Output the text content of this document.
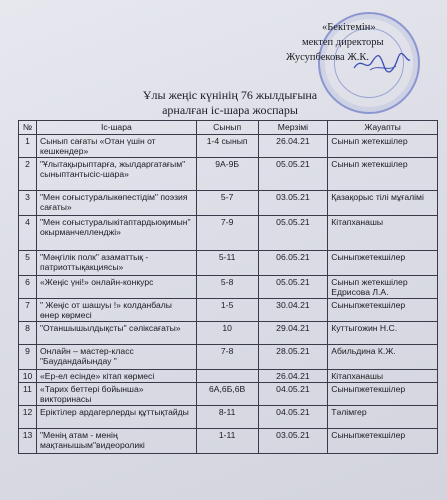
«Бекітемін»
мектеп директоры
Жусупбекова Ж.К.
Ұлы жеңіс күнінің 76 жылдығына
арналған іс-шара жоспары
№	Іс-шара	Сынып	Мерзімі	Жауапты
1	Сынып сағаты «Отан үшін от кешкендер»	1-4 сынып	26.04.21	Сынып жетекшілер
2	"Ұлытақырыптарға, жылдаргатағым" сыныптантысіс-шара»	9А-9Б	05.05.21	Сынып жетекшілер
3	"Мен соғыстуралыкөпестідім" поэзия сағаты»	5-7	03.05.21	Қазақорыс тілі мұғалімі
4	"Мен соғыстуралыкітаптардыоқимын" окырманчелленджі»	7-9	05.05.21	Кітапханашы
5	"Мәңгілік полк" азаматтық - патриоттықакциясы»	5-11	06.05.21	Сыныпжетекшілер
6	«Жеңіс үні!» онлайн-конкурс	5-8	05.05.21	Сынып жетекшілер Едрисова Л.А.
7	" Жеңіс от шашуы !» колданбалы өнер көрмесі	1-5	30.04.21	Сыныпжетекшілер
8	"Отаншышылдықсты" сәліксағаты»	10	29.04.21	Куттыгожин Н.С.
9	Онлайн – мастер-класс "Баудандайындау "	7-8	28.05.21	Абильдина К.Ж.
10	«Ер-ел есінде» кітап көрмесі		26.04.21	Кітапханашы
11	«Тарих беттері бойынша» викторинасы	6А,6Б,6В	04.05.21	Сыныпжетекшілер
12	Еріктілер ардагерлерды құттықтайды	8-11	04.05.21	Тәлімгер
13	"Менің атам - менің мақтанышым"видеороликі	1-11	03.05.21	Сыныпжетекшілер
